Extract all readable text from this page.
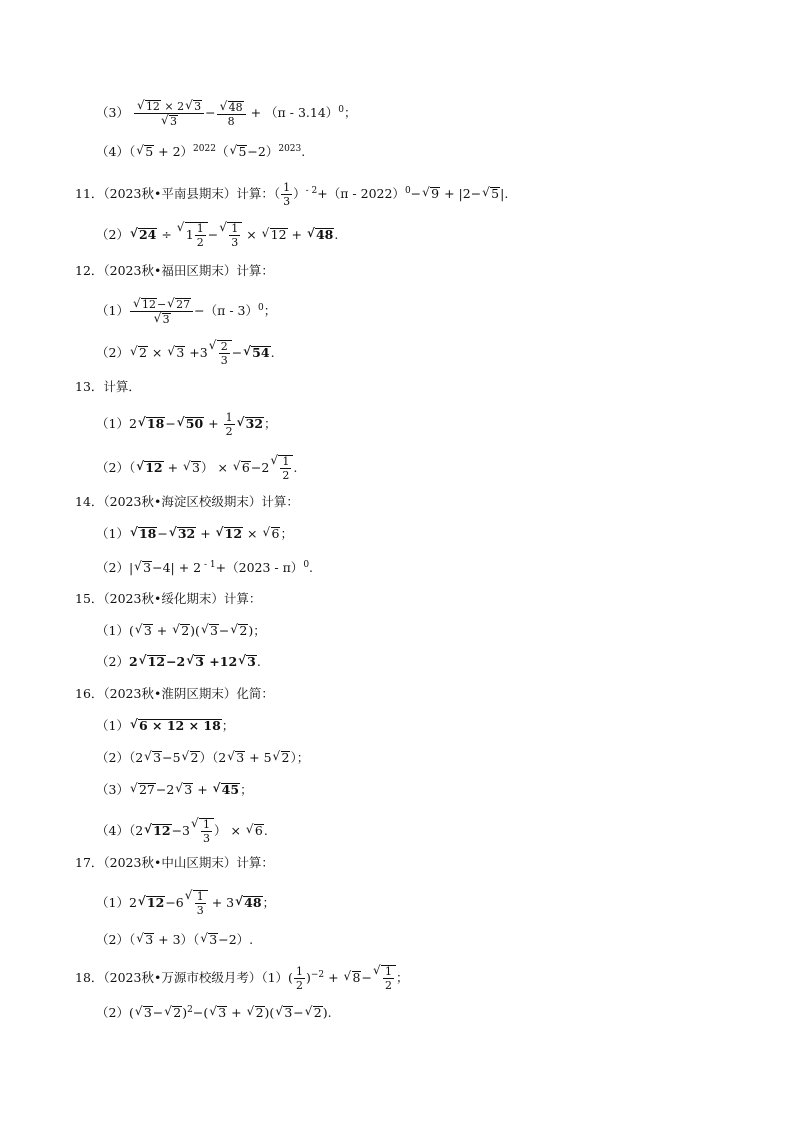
（3）
√ 12 × 2√ 3
√ 3 −
√ $\frac{48}{8} + (\pi - 3.14)^0$；
（4）（√ 5 + 2）$^{2022}$（√ 5−2）$^{2023}$.
11．（2023秋•平南县期末）计算：（ $\frac{1}{3} )^{- 2}+(\pi - 2022)^0-√$ 9 + |2−√ 5|.
（2）√ 24 ÷ √ $1 \frac{1}{2}$ −
√ $\frac{1}{3}$ × √ 12 + √ 48.
12．（2023秋•福田区期末）计算：
（1）
√ 12−√ 27
√ 3 −（π - 3）$^0$；
（2）√ 2 × √ 3 +3
√ $\frac{2}{3}$ −√ 54.
13．计算．
（1）2√ 18−√ $50 + \frac{1}{2}$
√ 32；
（2）（√ 12 + √ 3） × √ 6−2
√ $\frac{1}{2}$ .
14．（2023秋•海淀区校级期末）计算：
（1）√ 18−√ 32 + √ 12 × √ 6；
（2）|√ 3−4| + 2 $^{- 1}$+（2023 - π）$^0$.
15．（2023秋•绥化期末）计算：
（1）(√ 3 + √ 2)(√ 3−√ 2)；
（2）2√ 12−2√ 3 +12√ 3.
16．（2023秋•淮阴区期末）化简：
（1）√ 6 × 12 × 18；
（2）（2√ 3−5√ 2）（2√ 3 + 5√ 2）；
（3）√ 27−2√ 3 + √ 45；
（4）（2√ 12−3
√ $\frac{1}{3}$ ） × √ 6.
17．（2023秋•中山区期末）计算：
（1）2√ 12−6
√ $\frac{1}{3} + 3√$ 48；
（2）（√ 3 + 3）（√ 3−2）.
18．（2023秋•万源市校级月考）$(1)( \frac{1}{2} )^{-2}$ + √ 8−
√ $\frac{1}{2}$ ；
（2）(√ 3−√ 2)$^2$−(√ 3 + √ 2)(√ 3−√ 2).
